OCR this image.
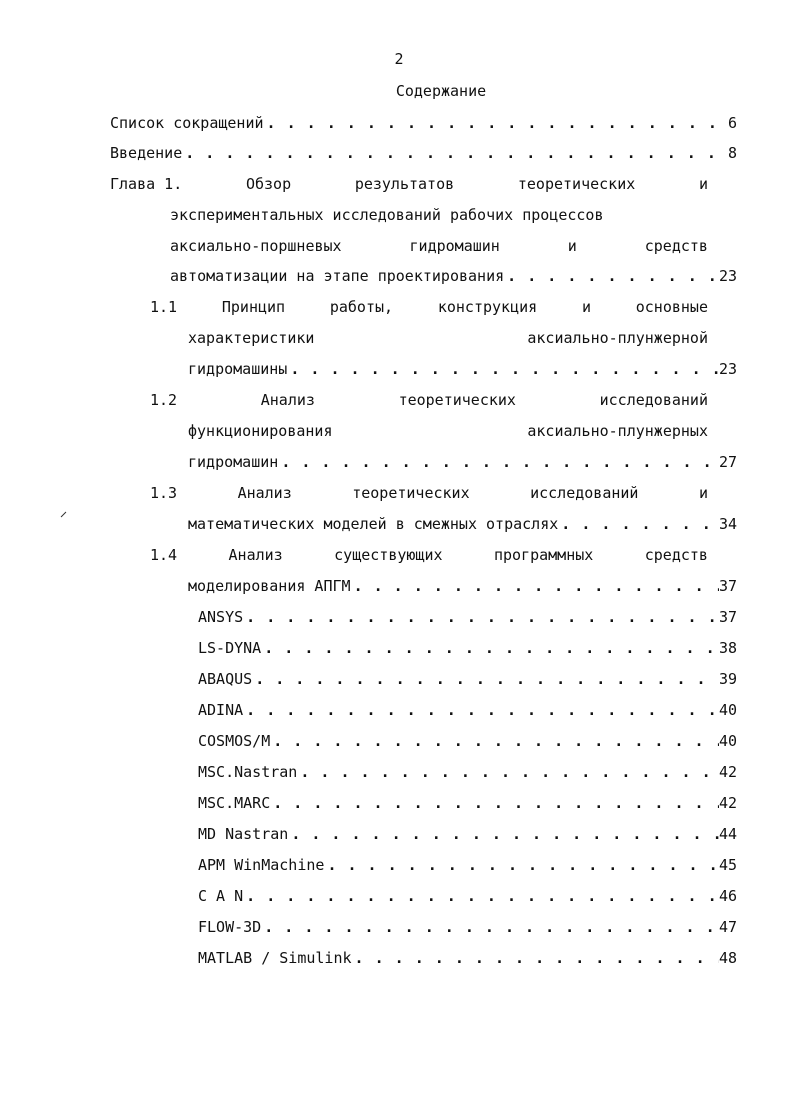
2
Содержание
Список сокращений . . .	6
Введение . . .	8
Глава 1.	Обзор	результатов	теоретических	и
экспериментальных исследований рабочих процессов
аксиально-поршневых	гидромашин	и	средств
автоматизации на этапе проектирования . . .	23
1.1	Принцип	работы,	конструкция	и	основные
характеристики	аксиально-плунжерной
гидромашины . . .	23
1.2	Анализ	теоретических	исследований
функционирования	аксиально-плунжерных
гидромашин . . .	27
1.3	Анализ	теоретических	исследований	и
математических моделей в смежных отраслях . . .	34
1.4	Анализ	существующих	программных	средств
моделирования АПГМ . . .	37
ANSYS . . .	37
LS-DYNA . . .	38
ABAQUS . . .	39
ADINA . . .	40
COSMOS/M . . .	40
MSC.Nastran . . .	42
MSC.MARC . . .	42
MD Nastran . . .	44
APM WinMachine . . .	45
C A N . . .	46
FLOW-3D . . .	47
MATLAB / Simulink . . .	48
